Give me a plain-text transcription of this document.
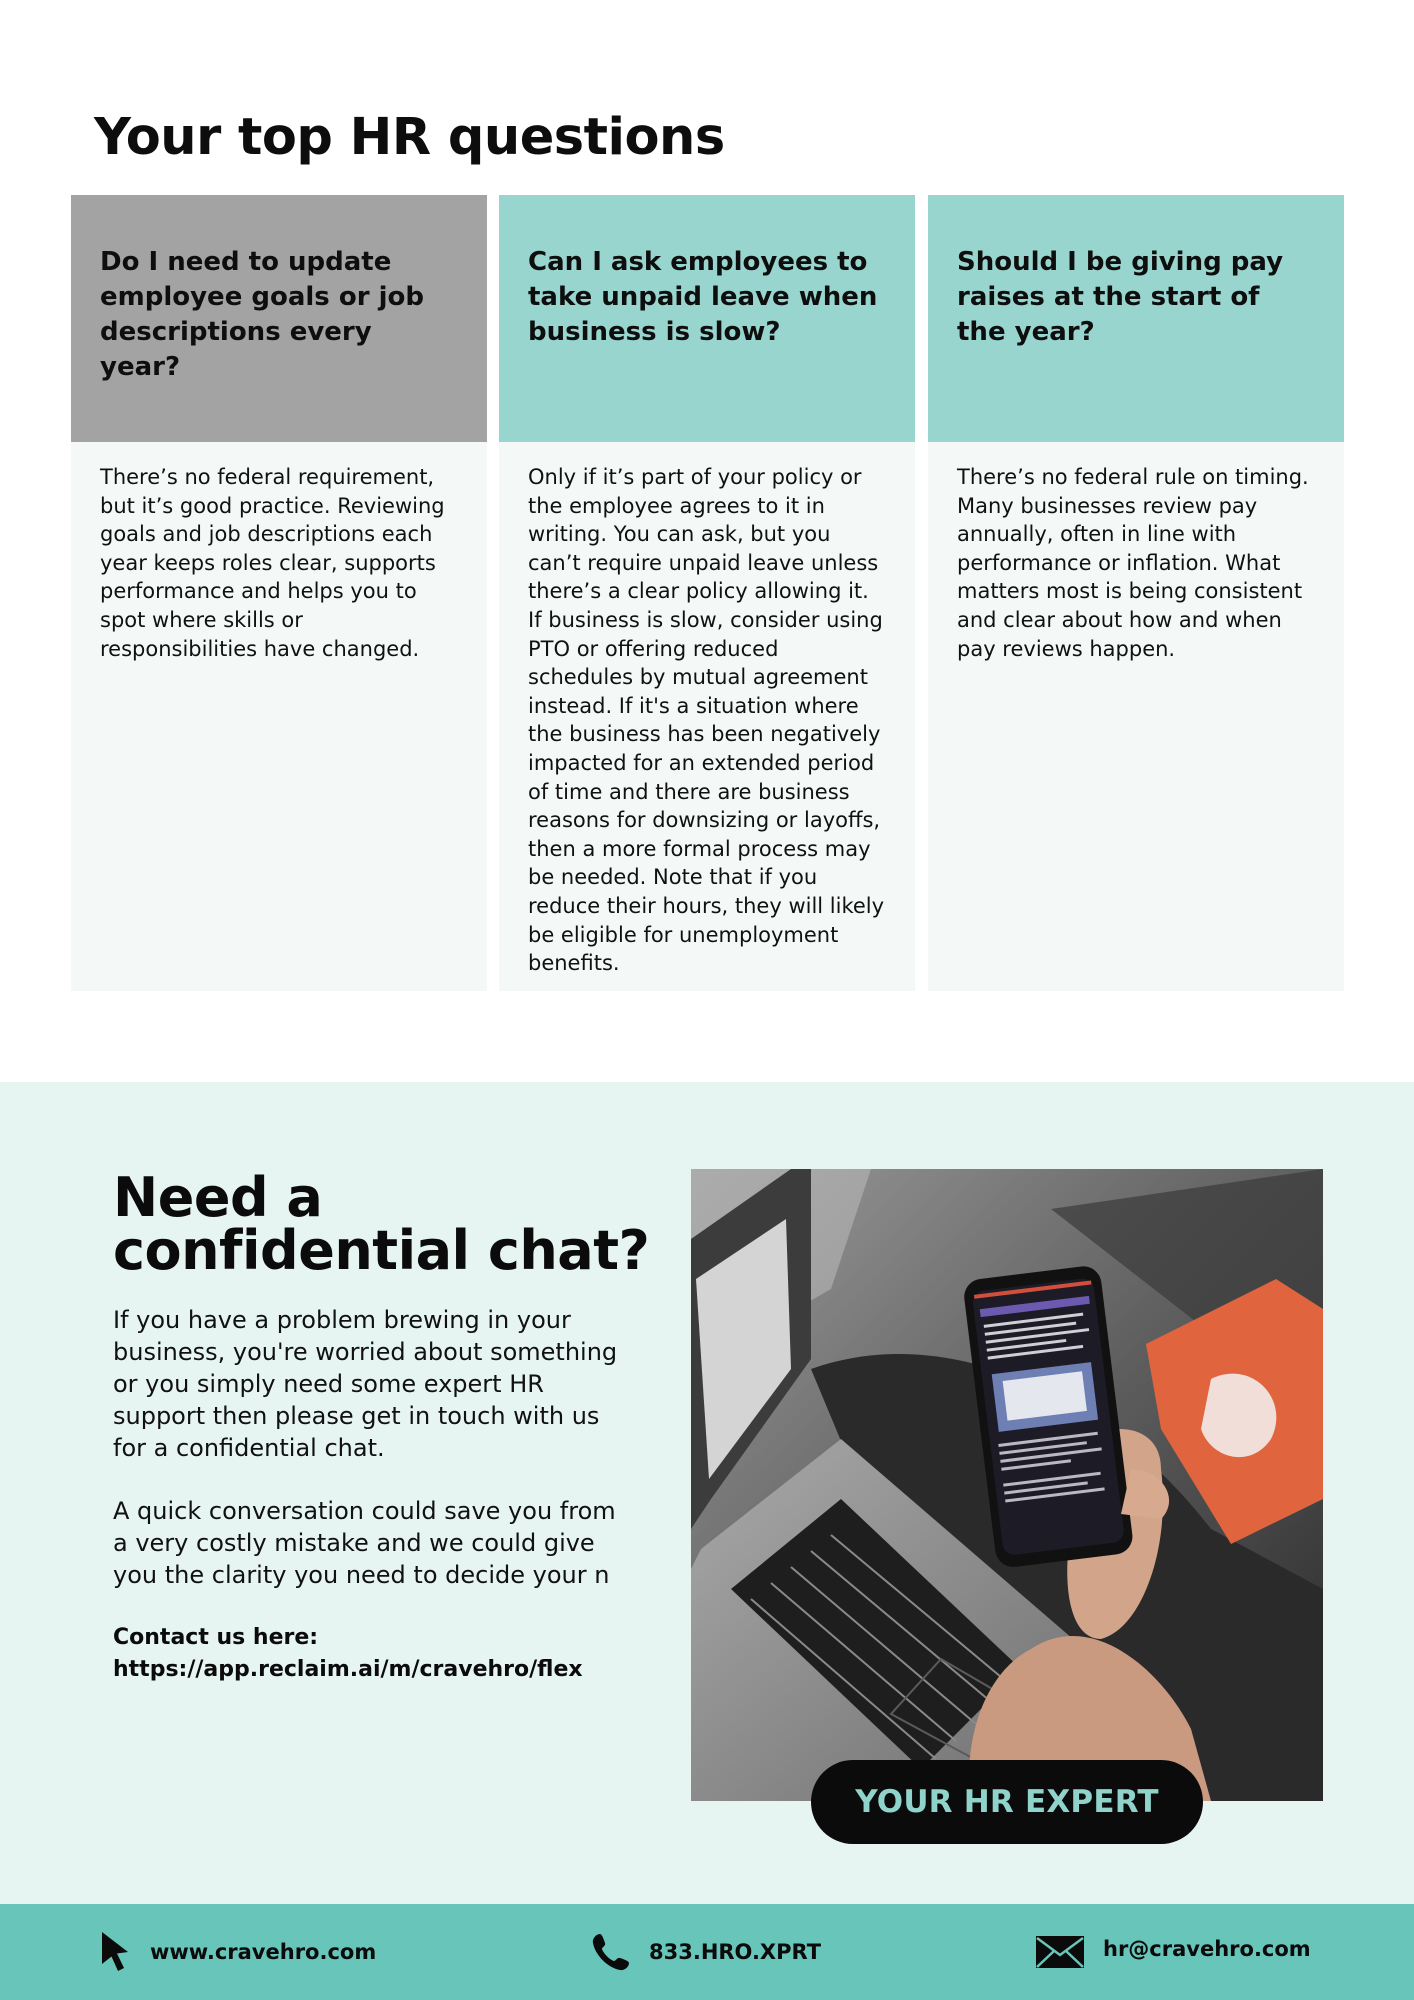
Your top HR questions
Do I need to update employee goals or job descriptions every year?
There’s no federal requirement, but it’s good practice. Reviewing goals and job descriptions each year keeps roles clear, supports performance and helps you to spot where skills or responsibilities have changed.
Can I ask employees to take unpaid leave when business is slow?
Only if it’s part of your policy or the employee agrees to it in writing. You can ask, but you can’t require unpaid leave unless there’s a clear policy allowing it. If business is slow, consider using PTO or offering reduced schedules by mutual agreement instead. If it's a situation where the business has been negatively impacted for an extended period of time and there are business reasons for downsizing or layoffs, then a more formal process may be needed. Note that if you reduce their hours, they will likely be eligible for unemployment benefits.
Should I be giving pay raises at the start of the year?
There’s no federal rule on timing. Many businesses review pay annually, often in line with performance or inflation. What matters most is being consistent and clear about how and when pay reviews happen.
Need a confidential chat?

If you have a problem brewing in your business, you're worried about something or you simply need some expert HR support then please get in touch with us for a confidential chat.

A quick conversation could save you from
a very costly mistake and we could give
you the clarity you need to decide your n

Contact us here:
https://app.reclaim.ai/m/cravehro/flex
YOUR HR EXPERT
www.cravehro.com	833.HRO.XPRT	hr@cravehro.com
